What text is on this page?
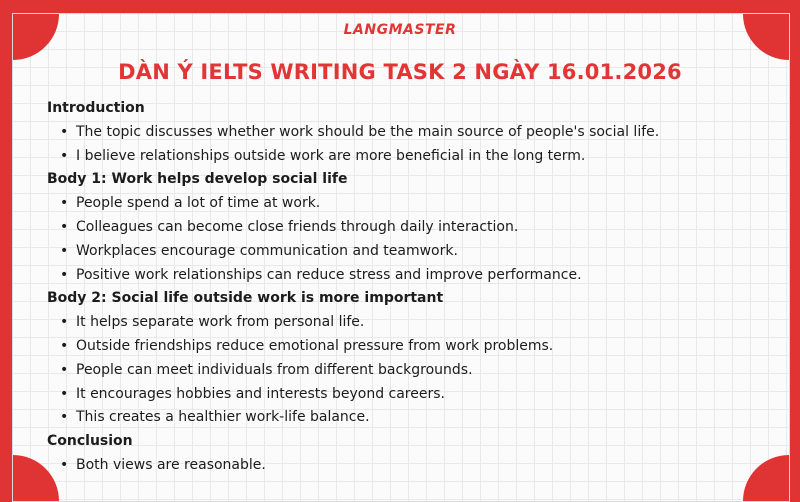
LANGMASTER
DÀN Ý IELTS WRITING TASK 2 NGÀY 16.01.2026
Introduction
• The topic discusses whether work should be the main source of people's social life.
• I believe relationships outside work are more beneficial in the long term.
Body 1: Work helps develop social life
• People spend a lot of time at work.
• Colleagues can become close friends through daily interaction.
• Workplaces encourage communication and teamwork.
• Positive work relationships can reduce stress and improve performance.
Body 2: Social life outside work is more important
• It helps separate work from personal life.
• Outside friendships reduce emotional pressure from work problems.
• People can meet individuals from different backgrounds.
• It encourages hobbies and interests beyond careers.
• This creates a healthier work-life balance.
Conclusion
• Both views are reasonable.
